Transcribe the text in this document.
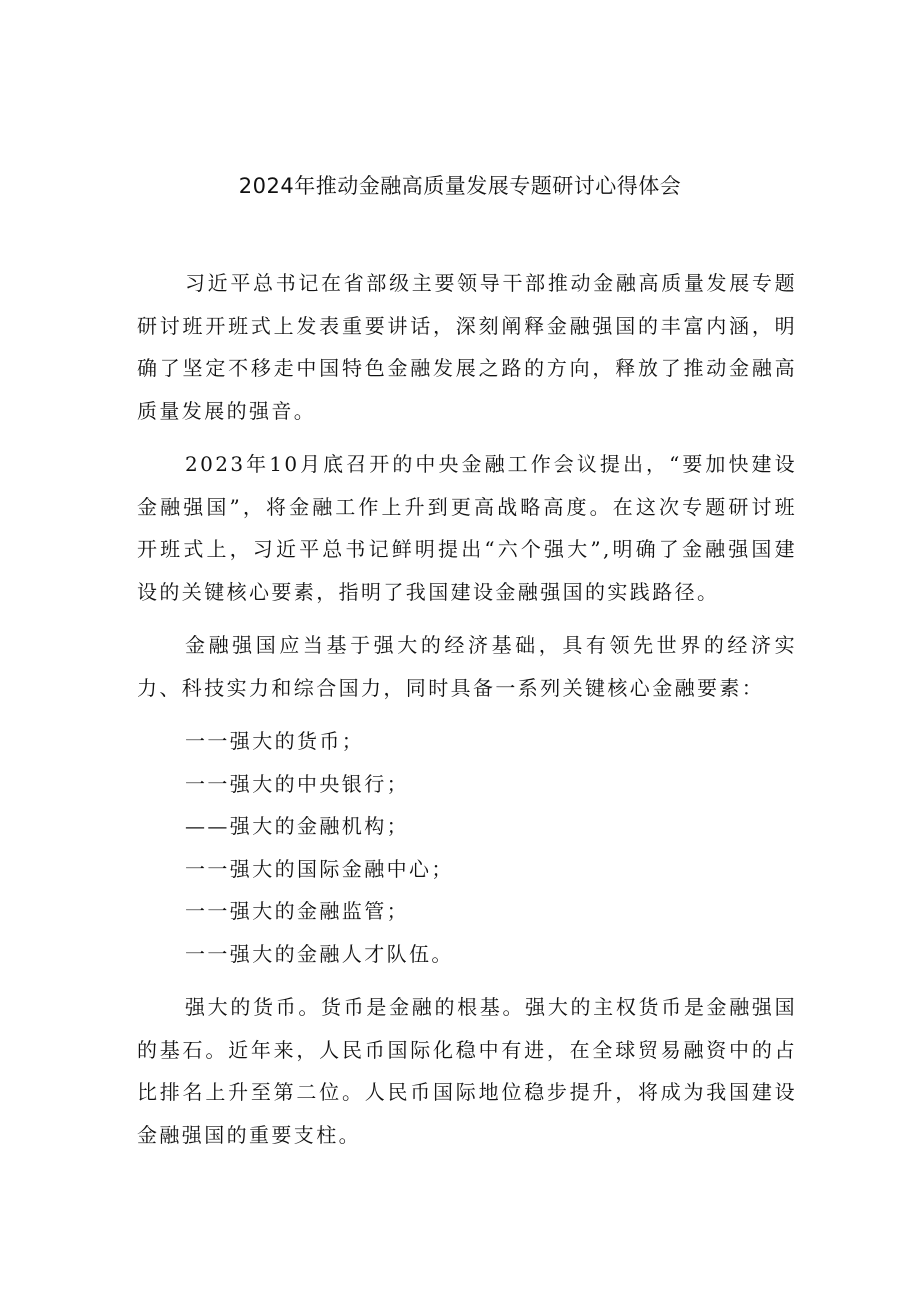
2024年推动金融高质量发展专题研讨心得体会

习近平总书记在省部级主要领导干部推动金融高质量发展专题研讨班开班式上发表重要讲话，深刻阐释金融强国的丰富内涵，明确了坚定不移走中国特色金融发展之路的方向，释放了推动金融高质量发展的强音。

2023年10月底召开的中央金融工作会议提出，“要加快建设金融强国”，将金融工作上升到更高战略高度。在这次专题研讨班开班式上，习近平总书记鲜明提出“六个强大”,明确了金融强国建设的关键核心要素，指明了我国建设金融强国的实践路径。

金融强国应当基于强大的经济基础，具有领先世界的经济实力、科技实力和综合国力，同时具备一系列关键核心金融要素：

一一强大的货币；

一一强大的中央银行；

——强大的金融机构；

一一强大的国际金融中心；

一一强大的金融监管；

一一强大的金融人才队伍。

强大的货币。货币是金融的根基。强大的主权货币是金融强国的基石。近年来，人民币国际化稳中有进，在全球贸易融资中的占比排名上升至第二位。人民币国际地位稳步提升，将成为我国建设金融强国的重要支柱。
